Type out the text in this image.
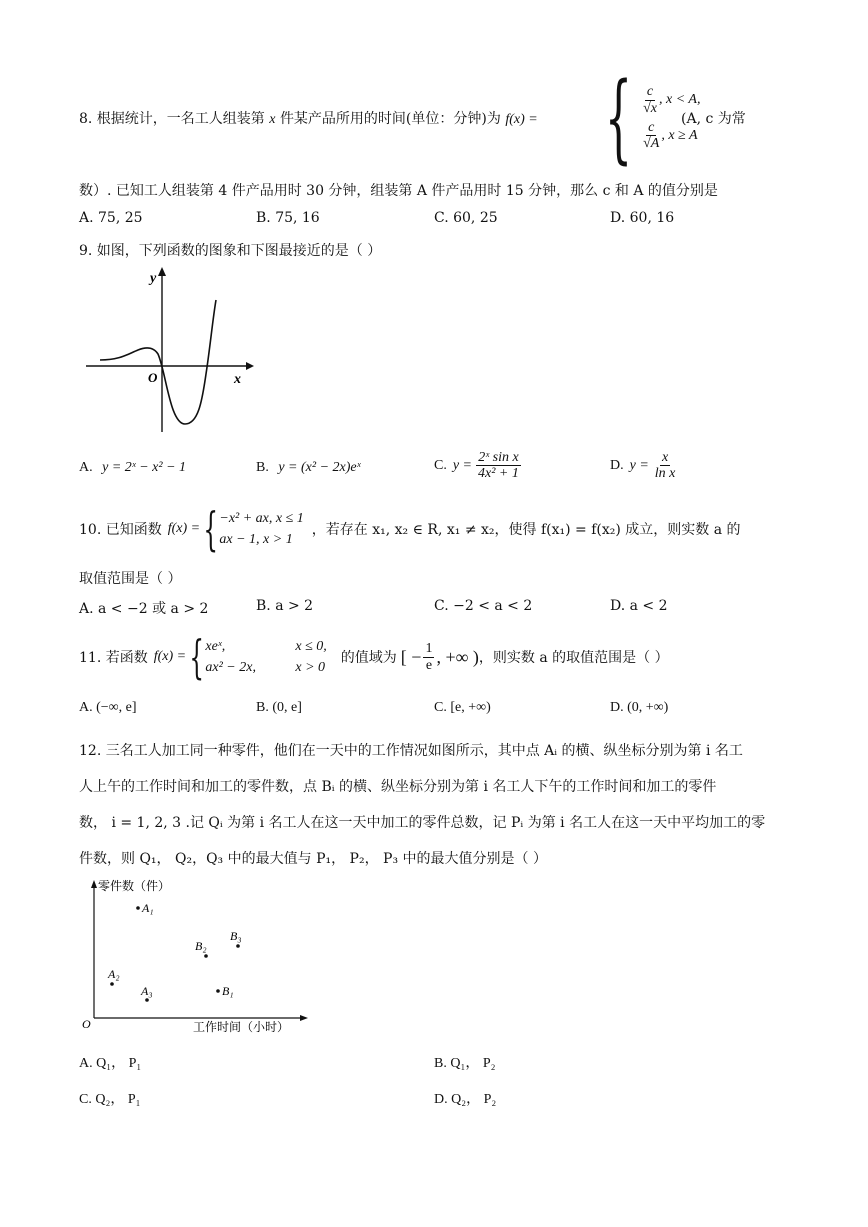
8. 根据统计，一名工人组装第 x 件某产品所用的时间(单位：分钟)为 f(x) = { $\frac{c}{√x}$ , x < A,
$\frac{c}{√A}$ , x ≥ A
(A, c 为常
数）. 已知工人组装第 4 件产品用时 30 分钟，组装第 A 件产品用时 15 分钟，那么 c 和 A 的值分别是
A. 75, 25	B. 75, 16	C. 60, 25	D. 60, 16
9. 如图，下列函数的图象和下图最接近的是（ ）
y
x
O
A. y = 2ˣ − x² − 1	B. y = (x² − 2x)eˣ	C. $y = \frac{\text{2ˣ sin x}}{\text{4x² + 1}}$	D. $y = \frac{x}{\text{ln x}}$
10. 已知函数 f(x) = { −x² + ax, x ≤ 1
ax − 1, x > 1
，若存在 x₁, x₂ ∈ R, x₁ ≠ x₂，使得 f(x₁) = f(x₂) 成立，则实数 a 的
取值范围是（ ）
A. a < −2 或 a > 2	B. a > 2	C. −2 < a < 2	D. a < 2
11. 若函数 f(x) = { xeˣ,	x ≤ 0,
ax² − 2x,	x > 0
的值域为 [ − $\frac{1}{e}$ , +∞ ) ，则实数 a 的取值范围是（ ）
A. (−∞, e]	B. (0, e]	C. [e, +∞)	D. (0, +∞)
12. 三名工人加工同一种零件，他们在一天中的工作情况如图所示，其中点 Aᵢ 的横、纵坐标分别为第 i 名工
人上午的工作时间和加工的零件数，点 Bᵢ 的横、纵坐标分别为第 i 名工人下午的工作时间和加工的零件
数， i = 1, 2, 3 .记 Qᵢ 为第 i 名工人在这一天中加工的零件总数，记 Pᵢ 为第 i 名工人在这一天中平均加工的零
件数，则 Q₁， Q₂，Q₃ 中的最大值与 P₁， P₂， P₃ 中的最大值分别是（ ）
零件数（件）
工作时间（小时）
O
A₁
A₂
A₃	B₁
B₂
B₃
A. Q₁， P₁	B. Q₁， P₂
C. Q₂， P₁	D. Q₂， P₂
